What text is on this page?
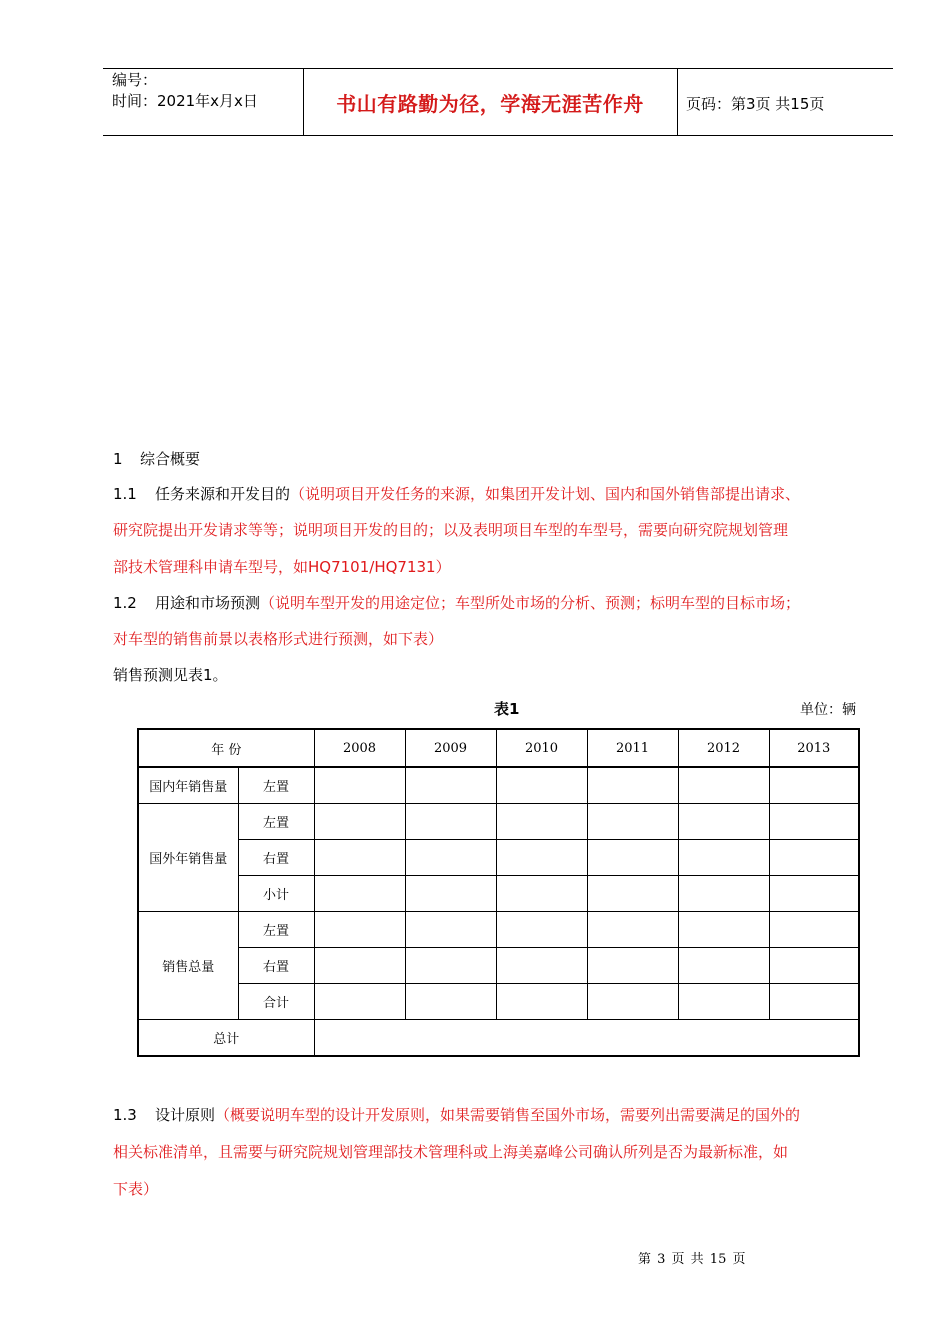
编号：
时间：2021年x月x日	书山有路勤为径，学海无涯苦作舟	页码：第3页 共15页
1 综合概要
1.1 任务来源和开发目的（说明项目开发任务的来源，如集团开发计划、国内和国外销售部提出请求、
研究院提出开发请求等等；说明项目开发的目的；以及表明项目车型的车型号，需要向研究院规划管理
部技术管理科申请车型号，如HQ7101/HQ7131）
1.2 用途和市场预测（说明车型开发的用途定位；车型所处市场的分析、预测；标明车型的目标市场；
对车型的销售前景以表格形式进行预测，如下表）
销售预测见表1。
表1	单位：辆
年 份		2008	2009	2010	2011	2012	2013
国内年销售量	左置						
国外年销售量	左置						
	右置						
	小计						
销售总量	左置						
	右置						
	合计						
总计							
1.3 设计原则（概要说明车型的设计开发原则，如果需要销售至国外市场，需要列出需要满足的国外的
相关标准清单，且需要与研究院规划管理部技术管理科或上海美嘉峰公司确认所列是否为最新标准，如
下表）
第 3 页 共 15 页
